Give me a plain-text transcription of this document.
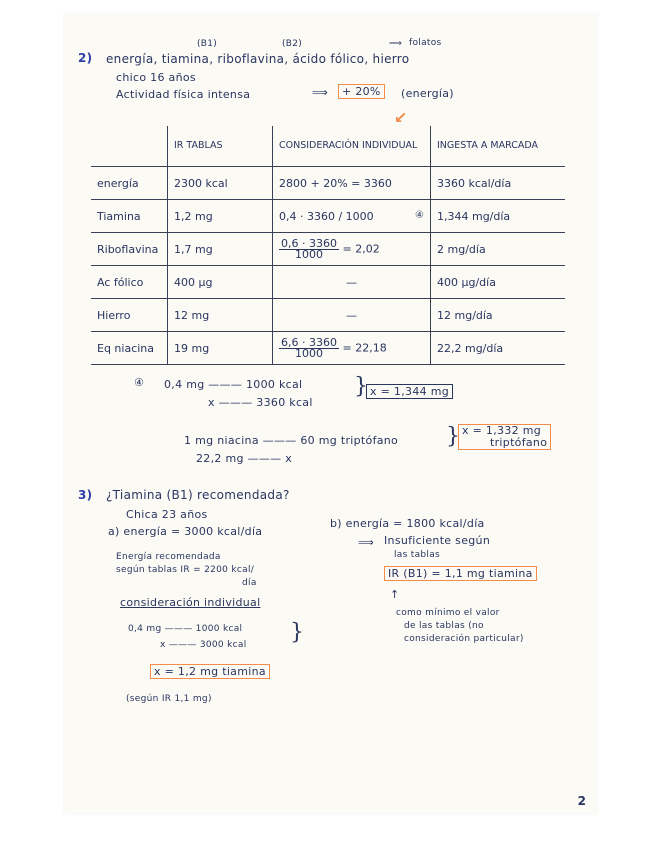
(B1)	(B2)	⟹ folatos
2) energía, tiamina, riboflavina, ácido fólico, hierro
chico 16 años
Actividad física intensa	⟹	+ 20%	(energía)
↙
	IR TABLAS	CONSIDERACIÓN INDIVIDUAL	INGESTA A MARCADA
energía	2300 kcal	2800 + 20% = 3360	3360 kcal/día
Tiamina	1,2 mg	0,4 · 3360 / 1000 ④	1,344 mg/día
Riboflavina	1,7 mg	$\frac{0,6 \cdot 3360}{1000} = 2,02$	2 mg/día
Ac fólico	400 µg	—	400 µg/día
Hierro	12 mg	—	12 mg/día
Eq niacina	19 mg	$\frac{6,6 \cdot 3360}{1000} = 22,18$	22,2 mg/día
④ 0,4 mg ——— 1000 kcal
x ——— 3360 kcal
} x = 1,344 mg
1 mg niacina ——— 60 mg triptófano
22,2 mg ——— x
} x = 1,332 mg
triptófano
3) ¿Tiamina (B1) recomendada?
Chica 23 años
a) energía = 3000 kcal/día
Energía recomendada
según tablas IR = 2200 kcal/
día
consideración individual
0,4 mg ——— 1000 kcal
x ——— 3000 kcal }
x = 1,2 mg tiamina
(según IR 1,1 mg)
b) energía = 1800 kcal/día
⟹ Insuficiente según
las tablas
IR (B1) = 1,1 mg tiamina
↑
como mínimo el valor
de las tablas (no
consideración particular)
2
